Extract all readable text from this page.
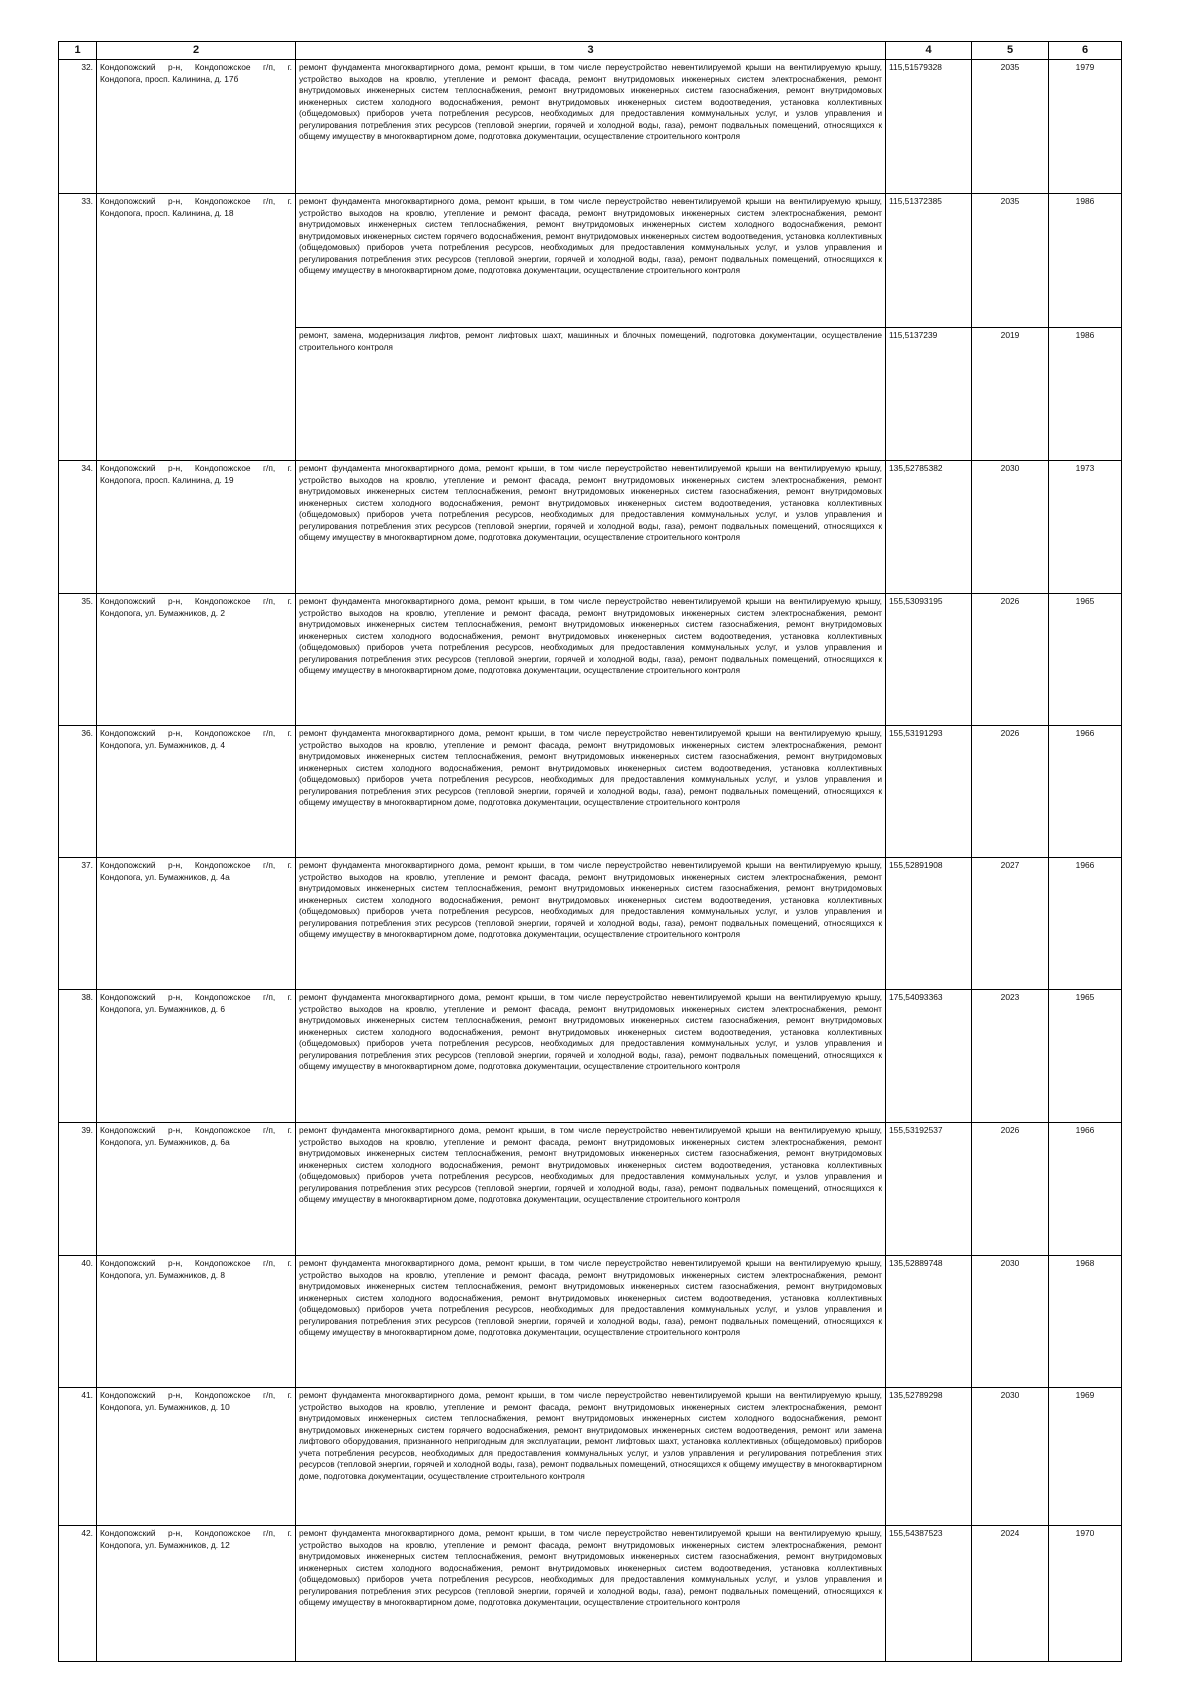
1	2	3	4	5	6
32.	Кондопожский р-н, Кондопожское г/п, г. Кондопога, просп. Калинина, д. 17б	ремонт фундамента многоквартирного дома, ремонт крыши, в том числе переустройство невентилируемой крыши на вентилируемую крышу, устройство выходов на кровлю, утепление и ремонт фасада, ремонт внутридомовых инженерных систем электроснабжения, ремонт внутридомовых инженерных систем теплоснабжения, ремонт внутридомовых инженерных систем газоснабжения, ремонт внутридомовых инженерных систем холодного водоснабжения, ремонт внутридомовых инженерных систем водоотведения, установка коллективных (общедомовых) приборов учета потребления ресурсов, необходимых для предоставления коммунальных услуг, и узлов управления и регулирования потребления этих ресурсов (тепловой энергии, горячей и холодной воды, газа), ремонт подвальных помещений, относящихся к общему имуществу в многоквартирном доме, подготовка документации, осуществление строительного контроля	115,51579328	2035	1979
33.	Кондопожский р-н, Кондопожское г/п, г. Кондопога, просп. Калинина, д. 18	ремонт фундамента многоквартирного дома, ремонт крыши, в том числе переустройство невентилируемой крыши на вентилируемую крышу, устройство выходов на кровлю, утепление и ремонт фасада, ремонт внутридомовых инженерных систем электроснабжения, ремонт внутридомовых инженерных систем теплоснабжения, ремонт внутридомовых инженерных систем холодного водоснабжения, ремонт внутридомовых инженерных систем горячего водоснабжения, ремонт внутридомовых инженерных систем водоотведения, установка коллективных (общедомовых) приборов учета потребления ресурсов, необходимых для предоставления коммунальных услуг, и узлов управления и регулирования потребления этих ресурсов (тепловой энергии, горячей и холодной воды, газа), ремонт подвальных помещений, относящихся к общему имуществу в многоквартирном доме, подготовка документации, осуществление строительного контроля	115,51372385	2035	1986
		ремонт, замена, модернизация лифтов, ремонт лифтовых шахт, машинных и блочных помещений, подготовка документации, осуществление строительного контроля	115,5137239	2019	1986
34.	Кондопожский р-н, Кондопожское г/п, г. Кондопога, просп. Калинина, д. 19	ремонт фундамента многоквартирного дома, ремонт крыши, в том числе переустройство невентилируемой крыши на вентилируемую крышу, устройство выходов на кровлю, утепление и ремонт фасада, ремонт внутридомовых инженерных систем электроснабжения, ремонт внутридомовых инженерных систем теплоснабжения, ремонт внутридомовых инженерных систем газоснабжения, ремонт внутридомовых инженерных систем холодного водоснабжения, ремонт внутридомовых инженерных систем водоотведения, установка коллективных (общедомовых) приборов учета потребления ресурсов, необходимых для предоставления коммунальных услуг, и узлов управления и регулирования потребления этих ресурсов (тепловой энергии, горячей и холодной воды, газа), ремонт подвальных помещений, относящихся к общему имуществу в многоквартирном доме, подготовка документации, осуществление строительного контроля	135,52785382	2030	1973
35.	Кондопожский р-н, Кондопожское г/п, г. Кондопога, ул. Бумажников, д. 2	ремонт фундамента многоквартирного дома, ремонт крыши, в том числе переустройство невентилируемой крыши на вентилируемую крышу, устройство выходов на кровлю, утепление и ремонт фасада, ремонт внутридомовых инженерных систем электроснабжения, ремонт внутридомовых инженерных систем теплоснабжения, ремонт внутридомовых инженерных систем газоснабжения, ремонт внутридомовых инженерных систем холодного водоснабжения, ремонт внутридомовых инженерных систем водоотведения, установка коллективных (общедомовых) приборов учета потребления ресурсов, необходимых для предоставления коммунальных услуг, и узлов управления и регулирования потребления этих ресурсов (тепловой энергии, горячей и холодной воды, газа), ремонт подвальных помещений, относящихся к общему имуществу в многоквартирном доме, подготовка документации, осуществление строительного контроля	155,53093195	2026	1965
36.	Кондопожский р-н, Кондопожское г/п, г. Кондопога, ул. Бумажников, д. 4	ремонт фундамента многоквартирного дома, ремонт крыши, в том числе переустройство невентилируемой крыши на вентилируемую крышу, устройство выходов на кровлю, утепление и ремонт фасада, ремонт внутридомовых инженерных систем электроснабжения, ремонт внутридомовых инженерных систем теплоснабжения, ремонт внутридомовых инженерных систем газоснабжения, ремонт внутридомовых инженерных систем холодного водоснабжения, ремонт внутридомовых инженерных систем водоотведения, установка коллективных (общедомовых) приборов учета потребления ресурсов, необходимых для предоставления коммунальных услуг, и узлов управления и регулирования потребления этих ресурсов (тепловой энергии, горячей и холодной воды, газа), ремонт подвальных помещений, относящихся к общему имуществу в многоквартирном доме, подготовка документации, осуществление строительного контроля	155,53191293	2026	1966
37.	Кондопожский р-н, Кондопожское г/п, г. Кондопога, ул. Бумажников, д. 4а	ремонт фундамента многоквартирного дома, ремонт крыши, в том числе переустройство невентилируемой крыши на вентилируемую крышу, устройство выходов на кровлю, утепление и ремонт фасада, ремонт внутридомовых инженерных систем электроснабжения, ремонт внутридомовых инженерных систем теплоснабжения, ремонт внутридомовых инженерных систем газоснабжения, ремонт внутридомовых инженерных систем холодного водоснабжения, ремонт внутридомовых инженерных систем водоотведения, установка коллективных (общедомовых) приборов учета потребления ресурсов, необходимых для предоставления коммунальных услуг, и узлов управления и регулирования потребления этих ресурсов (тепловой энергии, горячей и холодной воды, газа), ремонт подвальных помещений, относящихся к общему имуществу в многоквартирном доме, подготовка документации, осуществление строительного контроля	155,52891908	2027	1966
38.	Кондопожский р-н, Кондопожское г/п, г. Кондопога, ул. Бумажников, д. 6	ремонт фундамента многоквартирного дома, ремонт крыши, в том числе переустройство невентилируемой крыши на вентилируемую крышу, устройство выходов на кровлю, утепление и ремонт фасада, ремонт внутридомовых инженерных систем электроснабжения, ремонт внутридомовых инженерных систем теплоснабжения, ремонт внутридомовых инженерных систем газоснабжения, ремонт внутридомовых инженерных систем холодного водоснабжения, ремонт внутридомовых инженерных систем водоотведения, установка коллективных (общедомовых) приборов учета потребления ресурсов, необходимых для предоставления коммунальных услуг, и узлов управления и регулирования потребления этих ресурсов (тепловой энергии, горячей и холодной воды, газа), ремонт подвальных помещений, относящихся к общему имуществу в многоквартирном доме, подготовка документации, осуществление строительного контроля	175,54093363	2023	1965
39.	Кондопожский р-н, Кондопожское г/п, г. Кондопога, ул. Бумажников, д. 6а	ремонт фундамента многоквартирного дома, ремонт крыши, в том числе переустройство невентилируемой крыши на вентилируемую крышу, устройство выходов на кровлю, утепление и ремонт фасада, ремонт внутридомовых инженерных систем электроснабжения, ремонт внутридомовых инженерных систем теплоснабжения, ремонт внутридомовых инженерных систем газоснабжения, ремонт внутридомовых инженерных систем холодного водоснабжения, ремонт внутридомовых инженерных систем водоотведения, установка коллективных (общедомовых) приборов учета потребления ресурсов, необходимых для предоставления коммунальных услуг, и узлов управления и регулирования потребления этих ресурсов (тепловой энергии, горячей и холодной воды, газа), ремонт подвальных помещений, относящихся к общему имуществу в многоквартирном доме, подготовка документации, осуществление строительного контроля	155,53192537	2026	1966
40.	Кондопожский р-н, Кондопожское г/п, г. Кондопога, ул. Бумажников, д. 8	ремонт фундамента многоквартирного дома, ремонт крыши, в том числе переустройство невентилируемой крыши на вентилируемую крышу, устройство выходов на кровлю, утепление и ремонт фасада, ремонт внутридомовых инженерных систем электроснабжения, ремонт внутридомовых инженерных систем теплоснабжения, ремонт внутридомовых инженерных систем газоснабжения, ремонт внутридомовых инженерных систем холодного водоснабжения, ремонт внутридомовых инженерных систем водоотведения, установка коллективных (общедомовых) приборов учета потребления ресурсов, необходимых для предоставления коммунальных услуг, и узлов управления и регулирования потребления этих ресурсов (тепловой энергии, горячей и холодной воды, газа), ремонт подвальных помещений, относящихся к общему имуществу в многоквартирном доме, подготовка документации, осуществление строительного контроля	135,52889748	2030	1968
41.	Кондопожский р-н, Кондопожское г/п, г. Кондопога, ул. Бумажников, д. 10	ремонт фундамента многоквартирного дома, ремонт крыши, в том числе переустройство невентилируемой крыши на вентилируемую крышу, устройство выходов на кровлю, утепление и ремонт фасада, ремонт внутридомовых инженерных систем электроснабжения, ремонт внутридомовых инженерных систем теплоснабжения, ремонт внутридомовых инженерных систем холодного водоснабжения, ремонт внутридомовых инженерных систем горячего водоснабжения, ремонт внутридомовых инженерных систем водоотведения, ремонт или замена лифтового оборудования, признанного непригодным для эксплуатации, ремонт лифтовых шахт, установка коллективных (общедомовых) приборов учета потребления ресурсов, необходимых для предоставления коммунальных услуг, и узлов управления и регулирования потребления этих ресурсов (тепловой энергии, горячей и холодной воды, газа), ремонт подвальных помещений, относящихся к общему имуществу в многоквартирном доме, подготовка документации, осуществление строительного контроля	135,52789298	2030	1969
42.	Кондопожский р-н, Кондопожское г/п, г. Кондопога, ул. Бумажников, д. 12	ремонт фундамента многоквартирного дома, ремонт крыши, в том числе переустройство невентилируемой крыши на вентилируемую крышу, устройство выходов на кровлю, утепление и ремонт фасада, ремонт внутридомовых инженерных систем электроснабжения, ремонт внутридомовых инженерных систем теплоснабжения, ремонт внутридомовых инженерных систем газоснабжения, ремонт внутридомовых инженерных систем холодного водоснабжения, ремонт внутридомовых инженерных систем водоотведения, установка коллективных (общедомовых) приборов учета потребления ресурсов, необходимых для предоставления коммунальных услуг, и узлов управления и регулирования потребления этих ресурсов (тепловой энергии, горячей и холодной воды, газа), ремонт подвальных помещений, относящихся к общему имуществу в многоквартирном доме, подготовка документации, осуществление строительного контроля	155,54387523	2024	1970
